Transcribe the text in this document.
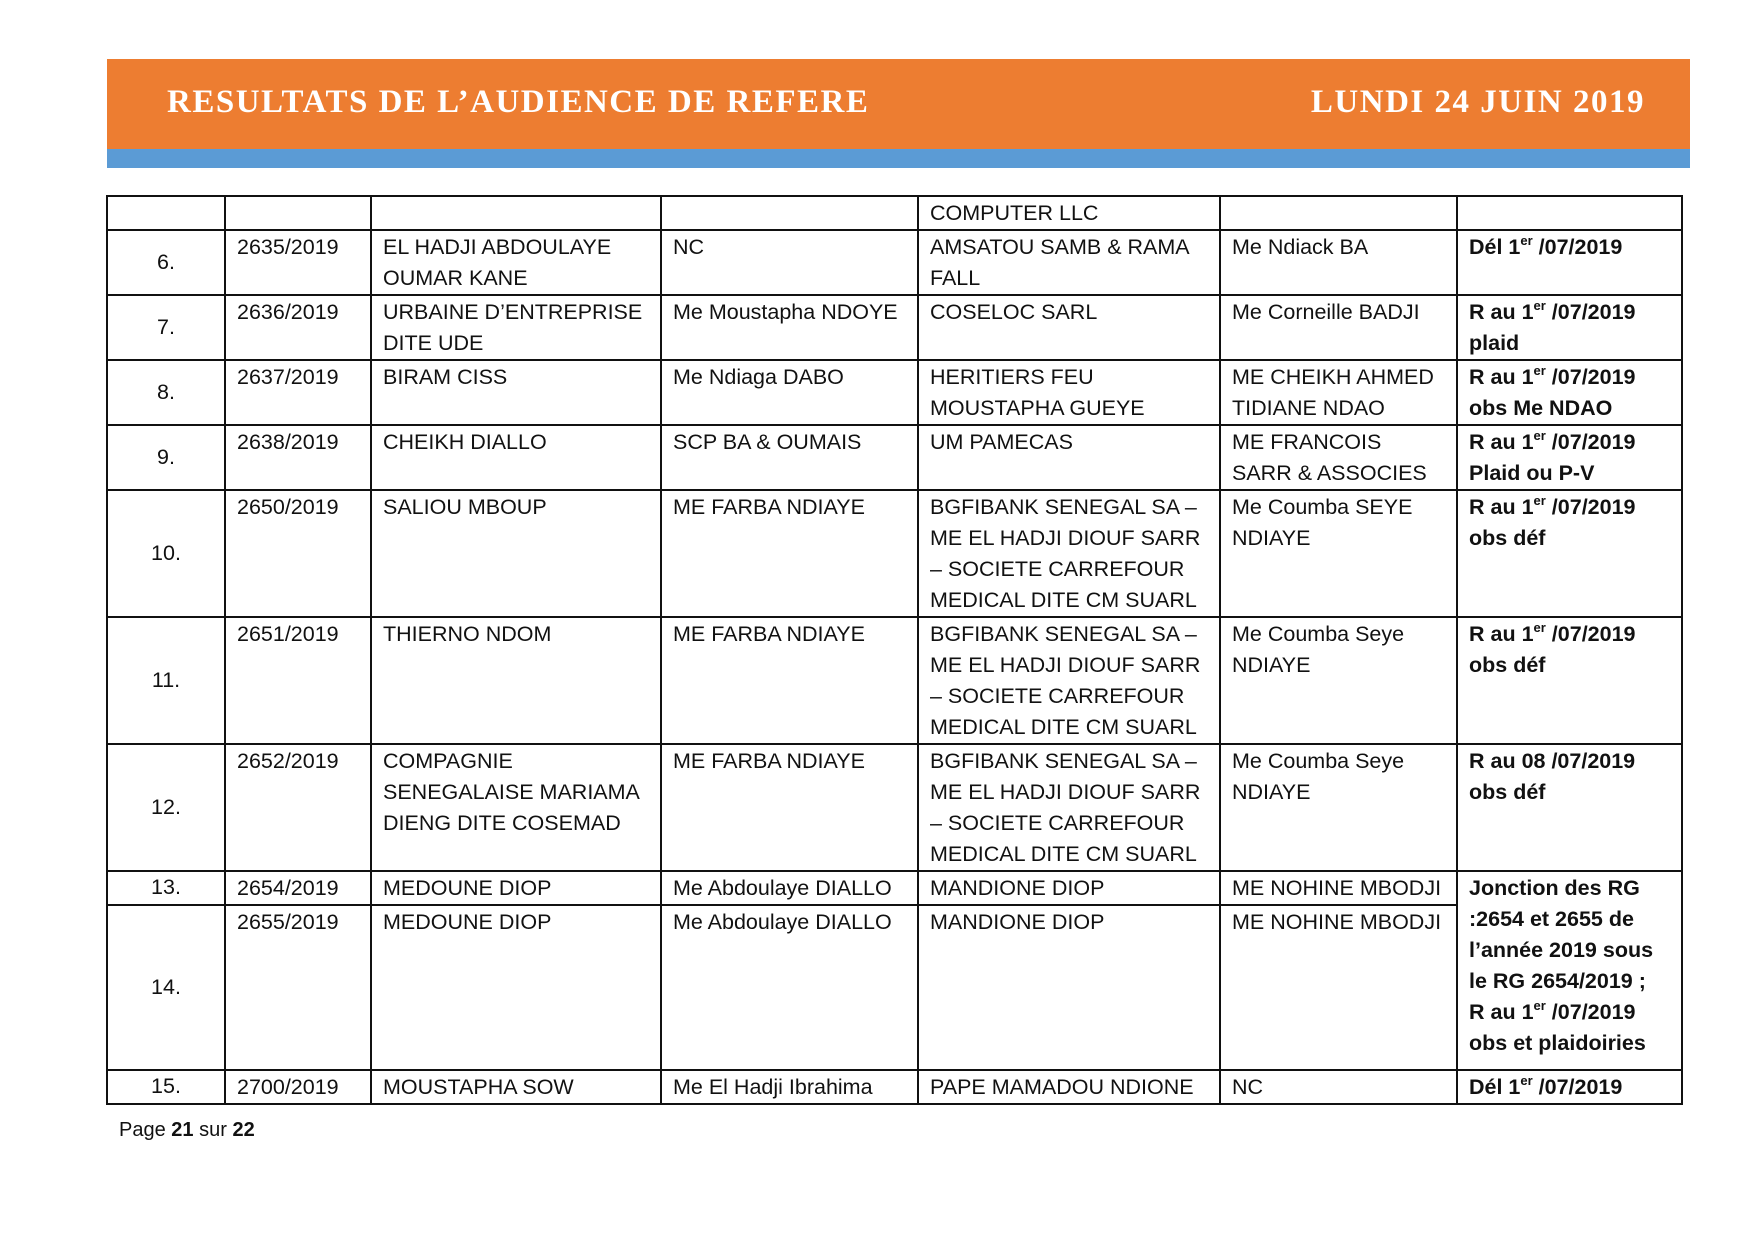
RESULTATS DE L’AUDIENCE DE REFERE	LUNDI 24 JUIN 2019
				COMPUTER LLC		
6.	2635/2019	EL HADJI ABDOULAYE OUMAR KANE	NC	AMSATOU SAMB & RAMA FALL	Me Ndiack BA	Dél 1er /07/2019
7.	2636/2019	URBAINE D’ENTREPRISE DITE UDE	Me Moustapha NDOYE	COSELOC SARL	Me Corneille BADJI	R au 1er /07/2019 plaid
8.	2637/2019	BIRAM CISS	Me Ndiaga DABO	HERITIERS FEU MOUSTAPHA GUEYE	ME CHEIKH AHMED TIDIANE NDAO	R au 1er /07/2019 obs Me NDAO
9.	2638/2019	CHEIKH DIALLO	SCP BA & OUMAIS	UM PAMECAS	ME FRANCOIS SARR & ASSOCIES	R au 1er /07/2019 Plaid ou P-V
10.	2650/2019	SALIOU MBOUP	ME FARBA NDIAYE	BGFIBANK SENEGAL SA – ME EL HADJI DIOUF SARR – SOCIETE CARREFOUR MEDICAL DITE CM SUARL	Me Coumba SEYE NDIAYE	R au 1er /07/2019 obs déf
11.	2651/2019	THIERNO NDOM	ME FARBA NDIAYE	BGFIBANK SENEGAL SA – ME EL HADJI DIOUF SARR – SOCIETE CARREFOUR MEDICAL DITE CM SUARL	Me Coumba Seye NDIAYE	R au 1er /07/2019 obs déf
12.	2652/2019	COMPAGNIE SENEGALAISE MARIAMA DIENG DITE COSEMAD	ME FARBA NDIAYE	BGFIBANK SENEGAL SA – ME EL HADJI DIOUF SARR – SOCIETE CARREFOUR MEDICAL DITE CM SUARL	Me Coumba Seye NDIAYE	R au 08 /07/2019 obs déf
13.	2654/2019	MEDOUNE DIOP	Me Abdoulaye DIALLO	MANDIONE DIOP	ME NOHINE MBODJI	Jonction des RG :2654 et 2655 de l’année 2019 sous le RG 2654/2019 ;
R au 1er /07/2019 obs et plaidoiries
14.	2655/2019	MEDOUNE DIOP	Me Abdoulaye DIALLO	MANDIONE DIOP	ME NOHINE MBODJI	
15.	2700/2019	MOUSTAPHA SOW	Me El Hadji Ibrahima	PAPE MAMADOU NDIONE	NC	Dél 1er /07/2019
Page 21 sur 22
